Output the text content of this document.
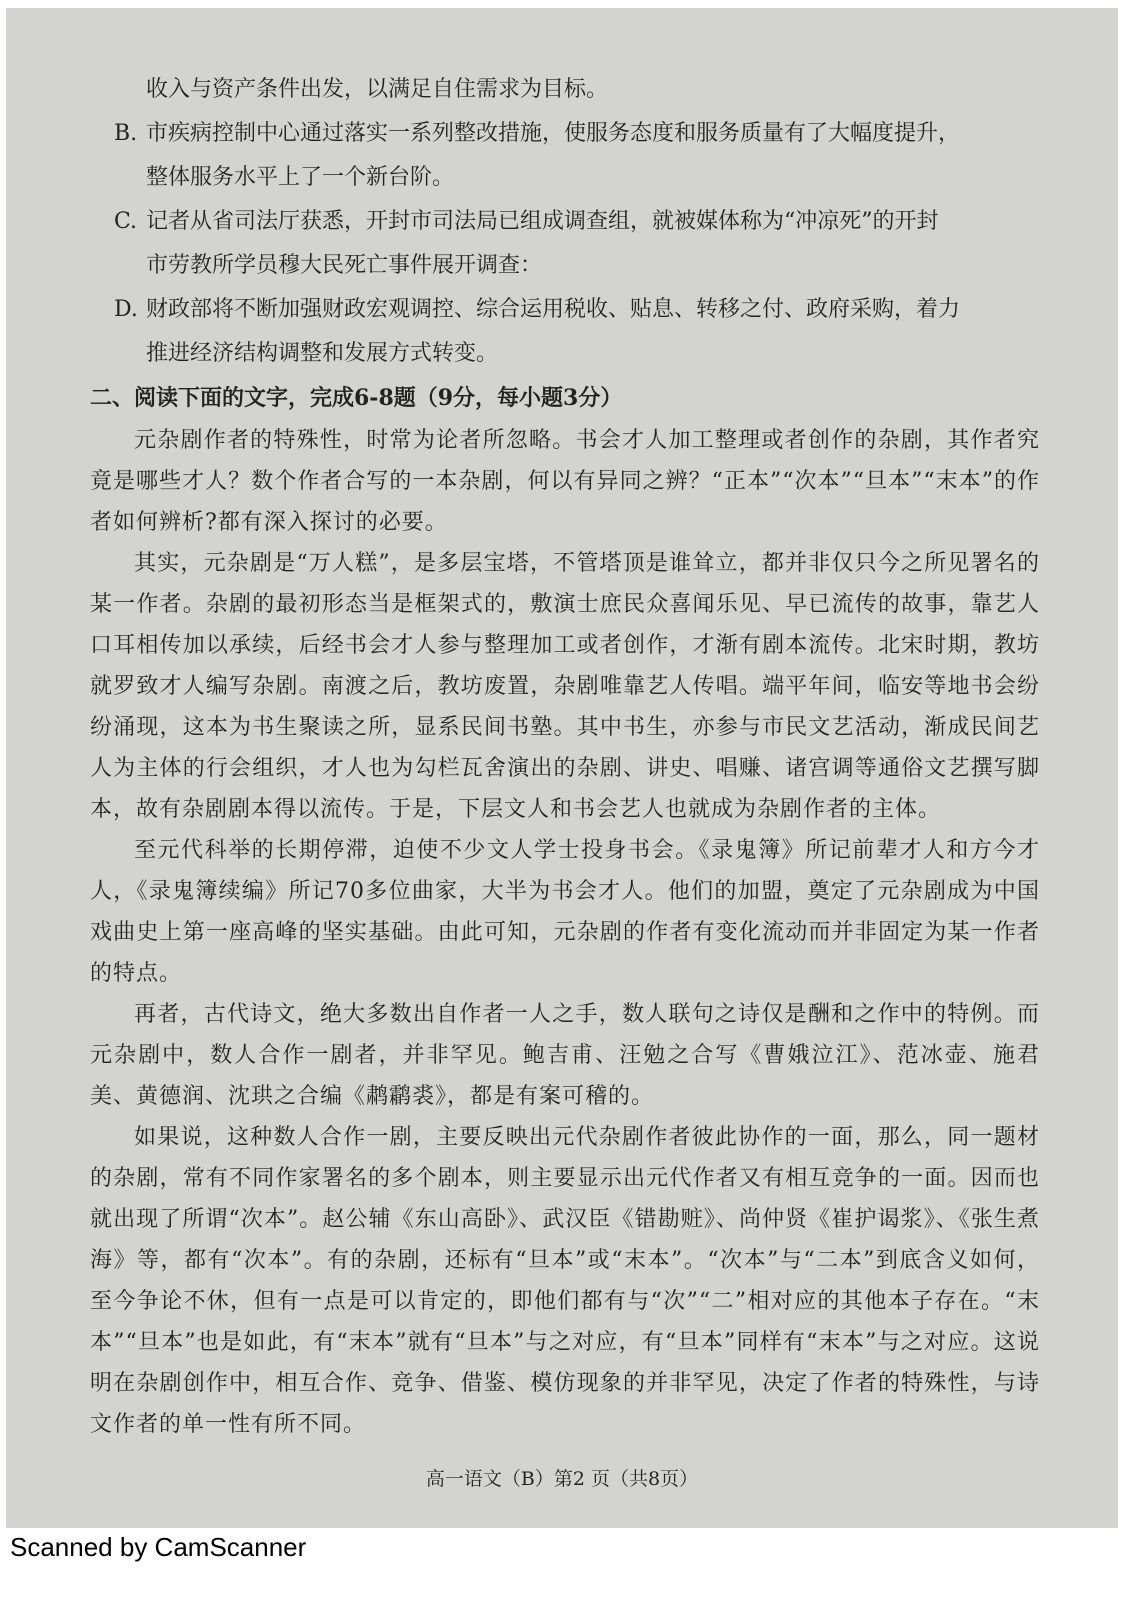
收入与资产条件出发，以满足自住需求为目标。
B. 市疾病控制中心通过落实一系列整改措施，使服务态度和服务质量有了大幅度提升，
整体服务水平上了一个新台阶。
C. 记者从省司法厅获悉，开封市司法局已组成调查组，就被媒体称为“冲凉死”的开封
市劳教所学员穆大民死亡事件展开调查：
D. 财政部将不断加强财政宏观调控、综合运用税收、贴息、转移之付、政府采购，着力
推进经济结构调整和发展方式转变。
二、阅读下面的文字，完成6-8题（9分，每小题3分）

元杂剧作者的特殊性，时常为论者所忽略。书会才人加工整理或者创作的杂剧，其作者究竟是哪些才人？数个作者合写的一本杂剧，何以有异同之辨？“正本”“次本”“旦本”“末本”的作者如何辨析?都有深入探讨的必要。

其实，元杂剧是“万人糕”，是多层宝塔，不管塔顶是谁耸立，都并非仅只今之所见署名的某一作者。杂剧的最初形态当是框架式的，敷演士庶民众喜闻乐见、早已流传的故事，靠艺人口耳相传加以承续，后经书会才人参与整理加工或者创作，才渐有剧本流传。北宋时期，教坊就罗致才人编写杂剧。南渡之后，教坊废置，杂剧唯靠艺人传唱。端平年间，临安等地书会纷纷涌现，这本为书生聚读之所，显系民间书塾。其中书生，亦参与市民文艺活动，渐成民间艺人为主体的行会组织，才人也为勾栏瓦舍演出的杂剧、讲史、唱赚、诸宫调等通俗文艺撰写脚本，故有杂剧剧本得以流传。于是，下层文人和书会艺人也就成为杂剧作者的主体。

至元代科举的长期停滞，迫使不少文人学士投身书会。《录鬼簿》所记前辈才人和方今才人，《录鬼簿续编》所记70多位曲家，大半为书会才人。他们的加盟，奠定了元杂剧成为中国戏曲史上第一座高峰的坚实基础。由此可知，元杂剧的作者有变化流动而并非固定为某一作者的特点。

再者，古代诗文，绝大多数出自作者一人之手，数人联句之诗仅是酬和之作中的特例。而元杂剧中，数人合作一剧者，并非罕见。鲍吉甫、汪勉之合写《曹娥泣江》、范冰壶、施君美、黄德润、沈珙之合编《鹔鹴裘》，都是有案可稽的。

如果说，这种数人合作一剧，主要反映出元代杂剧作者彼此协作的一面，那么，同一题材的杂剧，常有不同作家署名的多个剧本，则主要显示出元代作者又有相互竞争的一面。因而也就出现了所谓“次本”。赵公辅《东山高卧》、武汉臣《错勘赃》、尚仲贤《崔护谒浆》、《张生煮海》等，都有“次本”。有的杂剧，还标有“旦本”或“末本”。“次本”与“二本”到底含义如何，至今争论不休，但有一点是可以肯定的，即他们都有与“次”“二”相对应的其他本子存在。“末本”“旦本”也是如此，有“末本”就有“旦本”与之对应，有“旦本”同样有“末本”与之对应。这说明在杂剧创作中，相互合作、竞争、借鉴、模仿现象的并非罕见，决定了作者的特殊性，与诗文作者的单一性有所不同。

高一语文（B）第2 页（共8页）
Scanned by CamScanner
